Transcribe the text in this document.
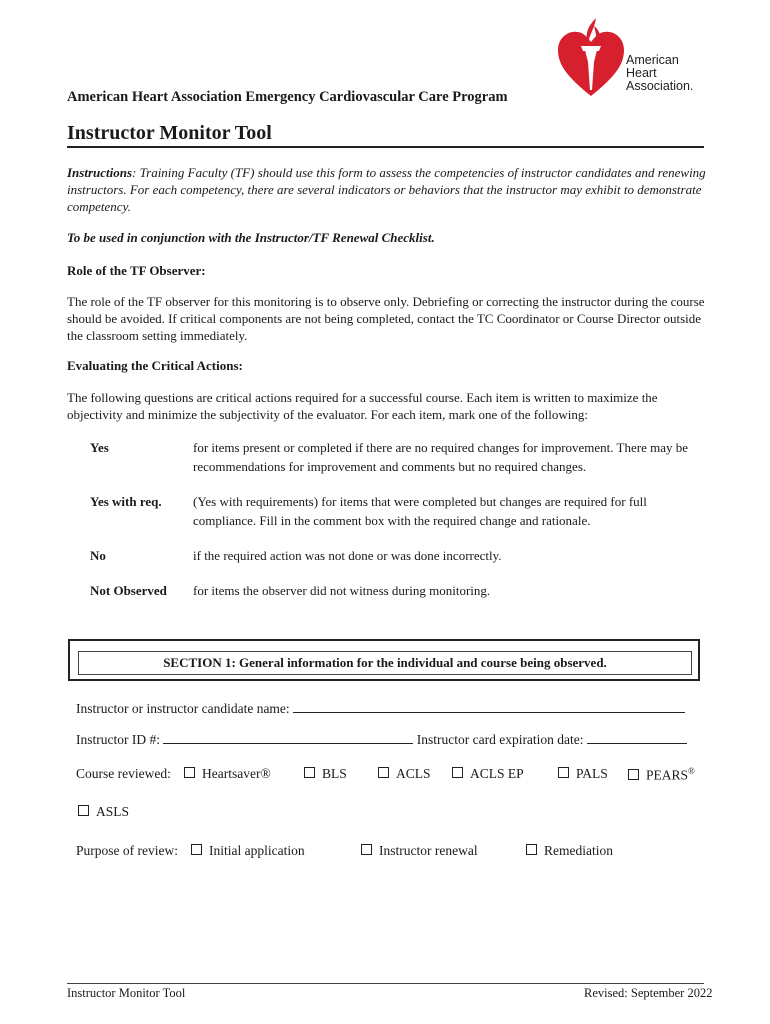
American
Heart
Association.
American Heart Association Emergency Cardiovascular Care Program
Instructor Monitor Tool
Instructions: Training Faculty (TF) should use this form to assess the competencies of instructor candidates and renewing instructors. For each competency, there are several indicators or behaviors that the instructor may exhibit to demonstrate competency.
To be used in conjunction with the Instructor/TF Renewal Checklist.
Role of the TF Observer:
The role of the TF observer for this monitoring is to observe only. Debriefing or correcting the instructor during the course should be avoided. If critical components are not being completed, contact the TC Coordinator or Course Director outside the classroom setting immediately.
Evaluating the Critical Actions:
The following questions are critical actions required for a successful course. Each item is written to maximize the objectivity and minimize the subjectivity of the evaluator. For each item, mark one of the following:
Yes	for items present or completed if there are no required changes for improvement. There may be recommendations for improvement and comments but no required changes.
Yes with req. (Yes with requirements) for items that were completed but changes are required for full compliance. Fill in the comment box with the required change and rationale.
No	if the required action was not done or was done incorrectly.
Not Observed for items the observer did not witness during monitoring.
SECTION 1: General information for the individual and course being observed.
Instructor or instructor candidate name:
Instructor ID #:	Instructor card expiration date:
Course reviewed:	Heartsaver®	BLS	ACLS	ACLS EP	PALS	PEARS®
ASLS
Purpose of review:	Initial application	Instructor renewal	Remediation
Instructor Monitor Tool	Revised: September 2022
